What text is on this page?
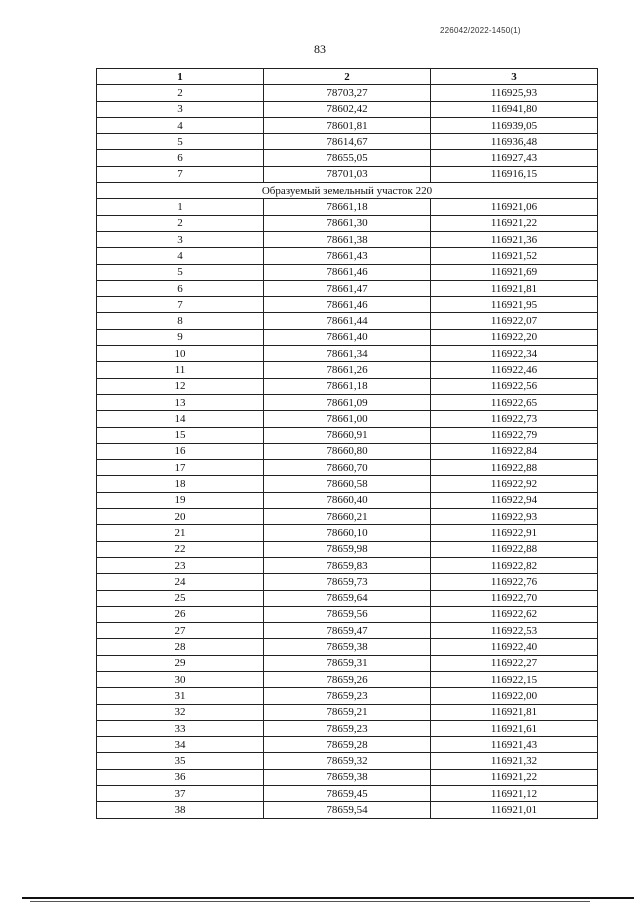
226042/2022-1450(1)
83
1	2	3
2	78703,27	116925,93
3	78602,42	116941,80
4	78601,81	116939,05
5	78614,67	116936,48
6	78655,05	116927,43
7	78701,03	116916,15
Образуемый земельный участок 220		
1	78661,18	116921,06
2	78661,30	116921,22
3	78661,38	116921,36
4	78661,43	116921,52
5	78661,46	116921,69
6	78661,47	116921,81
7	78661,46	116921,95
8	78661,44	116922,07
9	78661,40	116922,20
10	78661,34	116922,34
11	78661,26	116922,46
12	78661,18	116922,56
13	78661,09	116922,65
14	78661,00	116922,73
15	78660,91	116922,79
16	78660,80	116922,84
17	78660,70	116922,88
18	78660,58	116922,92
19	78660,40	116922,94
20	78660,21	116922,93
21	78660,10	116922,91
22	78659,98	116922,88
23	78659,83	116922,82
24	78659,73	116922,76
25	78659,64	116922,70
26	78659,56	116922,62
27	78659,47	116922,53
28	78659,38	116922,40
29	78659,31	116922,27
30	78659,26	116922,15
31	78659,23	116922,00
32	78659,21	116921,81
33	78659,23	116921,61
34	78659,28	116921,43
35	78659,32	116921,32
36	78659,38	116921,22
37	78659,45	116921,12
38	78659,54	116921,01
